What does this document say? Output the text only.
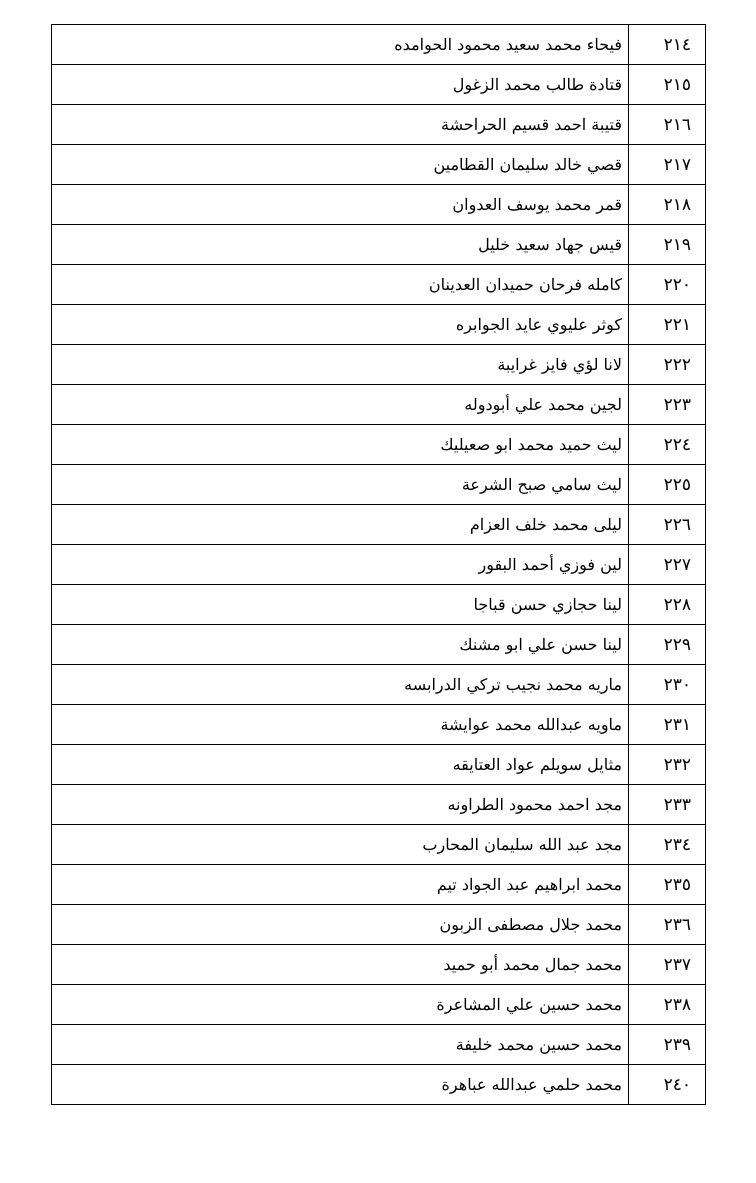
٢١٤	فيحاء محمد سعيد محمود الحوامده
٢١٥	قتادة طالب محمد الزغول
٢١٦	قتيبة احمد قسيم الحراحشة
٢١٧	قصي خالد سليمان القطامين
٢١٨	قمر محمد يوسف العدوان
٢١٩	قيس جهاد سعيد خليل
٢٢٠	كامله فرحان حميدان العدينان
٢٢١	كوثر عليوي عايد الجوابره
٢٢٢	لانا لؤي فايز غرايبة
٢٢٣	لجين محمد علي أبودوله
٢٢٤	ليث حميد محمد ابو صعيليك
٢٢٥	ليث سامي صبح الشرعة
٢٢٦	ليلى محمد خلف العزام
٢٢٧	لين فوزي أحمد البقور
٢٢٨	لينا حجازي حسن قباجا
٢٢٩	لينا حسن علي ابو مشنك
٢٣٠	ماريه محمد نجيب تركي الدرابسه
٢٣١	ماويه عبدالله محمد عوايشة
٢٣٢	مثايل سويلم عواد العتايقه
٢٣٣	مجد احمد محمود الطراونه
٢٣٤	مجد عبد الله سليمان المحارب
٢٣٥	محمد ابراهيم عبد الجواد تيم
٢٣٦	محمد جلال مصطفى الزبون
٢٣٧	محمد جمال محمد أبو حميد
٢٣٨	محمد حسين علي المشاعرة
٢٣٩	محمد حسين محمد خليفة
٢٤٠	محمد حلمي عبدالله عباهرة
